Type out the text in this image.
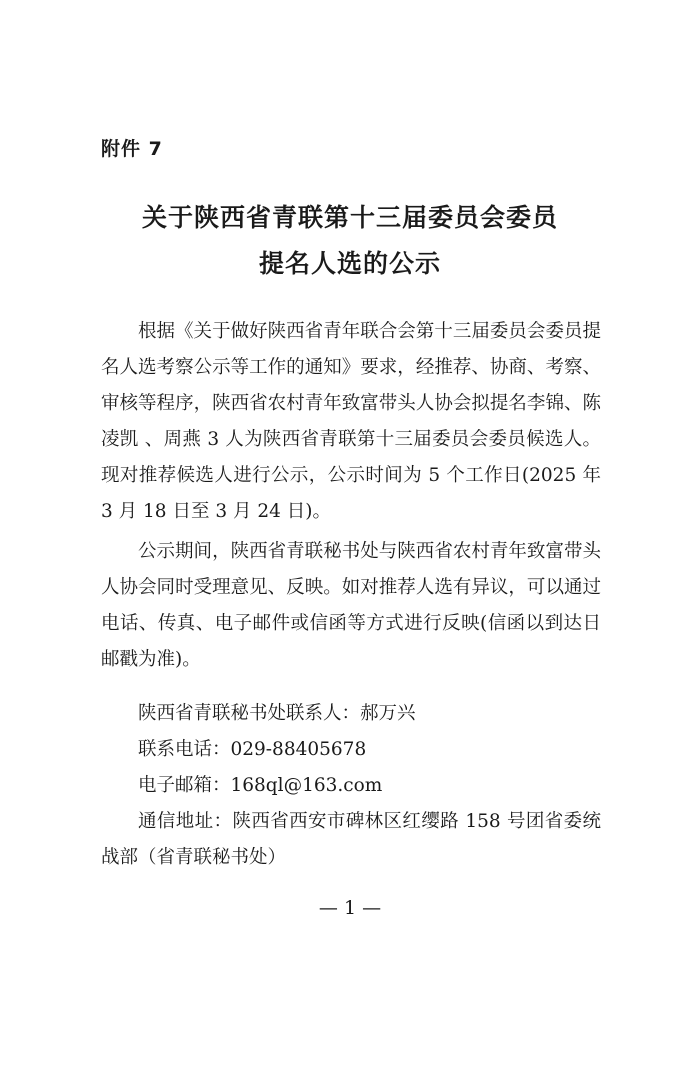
附件 7
关于陕西省青联第十三届委员会委员
提名人选的公示

根据《关于做好陕西省青年联合会第十三届委员会委员提名人选考察公示等工作的通知》要求，经推荐、协商、考察、审核等程序，陕西省农村青年致富带头人协会拟提名李锦、陈凌凯 、周燕 3 人为陕西省青联第十三届委员会委员候选人。现对推荐候选人进行公示，公示时间为 5 个工作日(2025 年 3 月 18 日至 3 月 24 日)。

公示期间，陕西省青联秘书处与陕西省农村青年致富带头人协会同时受理意见、反映。如对推荐人选有异议，可以通过电话、传真、电子邮件或信函等方式进行反映(信函以到达日邮戳为准)。

陕西省青联秘书处联系人：郝万兴
联系电话：029-88405678
电子邮箱：168ql@163.com
通信地址：陕西省西安市碑林区红缨路 158 号团省委统战部（省青联秘书处）
— 1 —
